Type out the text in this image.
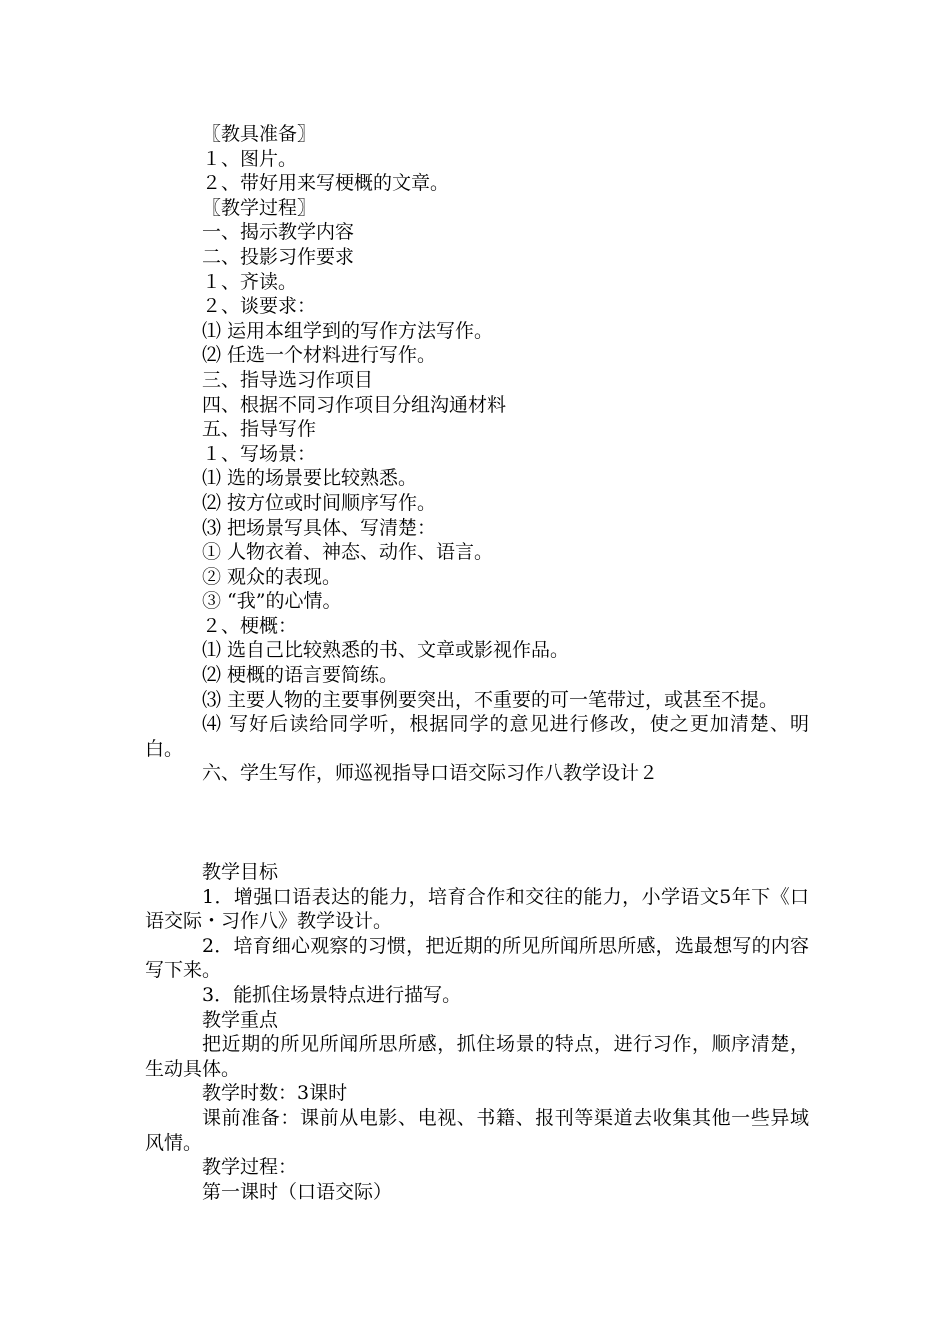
〖教具准备〗

１、图片。

２、带好用来写梗概的文章。

〖教学过程〗

一、揭示教学内容

二、投影习作要求

１、齐读。

２、谈要求：

⑴ 运用本组学到的写作方法写作。

⑵ 任选一个材料进行写作。

三、指导选习作项目

四、根据不同习作项目分组沟通材料

五、指导写作

１、写场景：

⑴ 选的场景要比较熟悉。

⑵ 按方位或时间顺序写作。

⑶ 把场景写具体、写清楚：

① 人物衣着、神态、动作、语言。

② 观众的表现。

③ “我”的心情。

２、梗概：

⑴ 选自己比较熟悉的书、文章或影视作品。

⑵ 梗概的语言要简练。

⑶ 主要人物的主要事例要突出，不重要的可一笔带过，或甚至不提。

⑷ 写好后读给同学听，根据同学的意见进行修改，使之更加清楚、明白。

六、学生写作，师巡视指导口语交际习作八教学设计２

教学目标

1．增强口语表达的能力，培育合作和交往的能力，小学语文5年下《口语交际・习作八》教学设计。

2．培育细心观察的习惯，把近期的所见所闻所思所感，选最想写的内容写下来。

3．能抓住场景特点进行描写。

教学重点

把近期的所见所闻所思所感，抓住场景的特点，进行习作，顺序清楚，生动具体。

教学时数：3课时

课前准备：课前从电影、电视、书籍、报刊等渠道去收集其他一些异域风情。

教学过程：

第一课时（口语交际）
